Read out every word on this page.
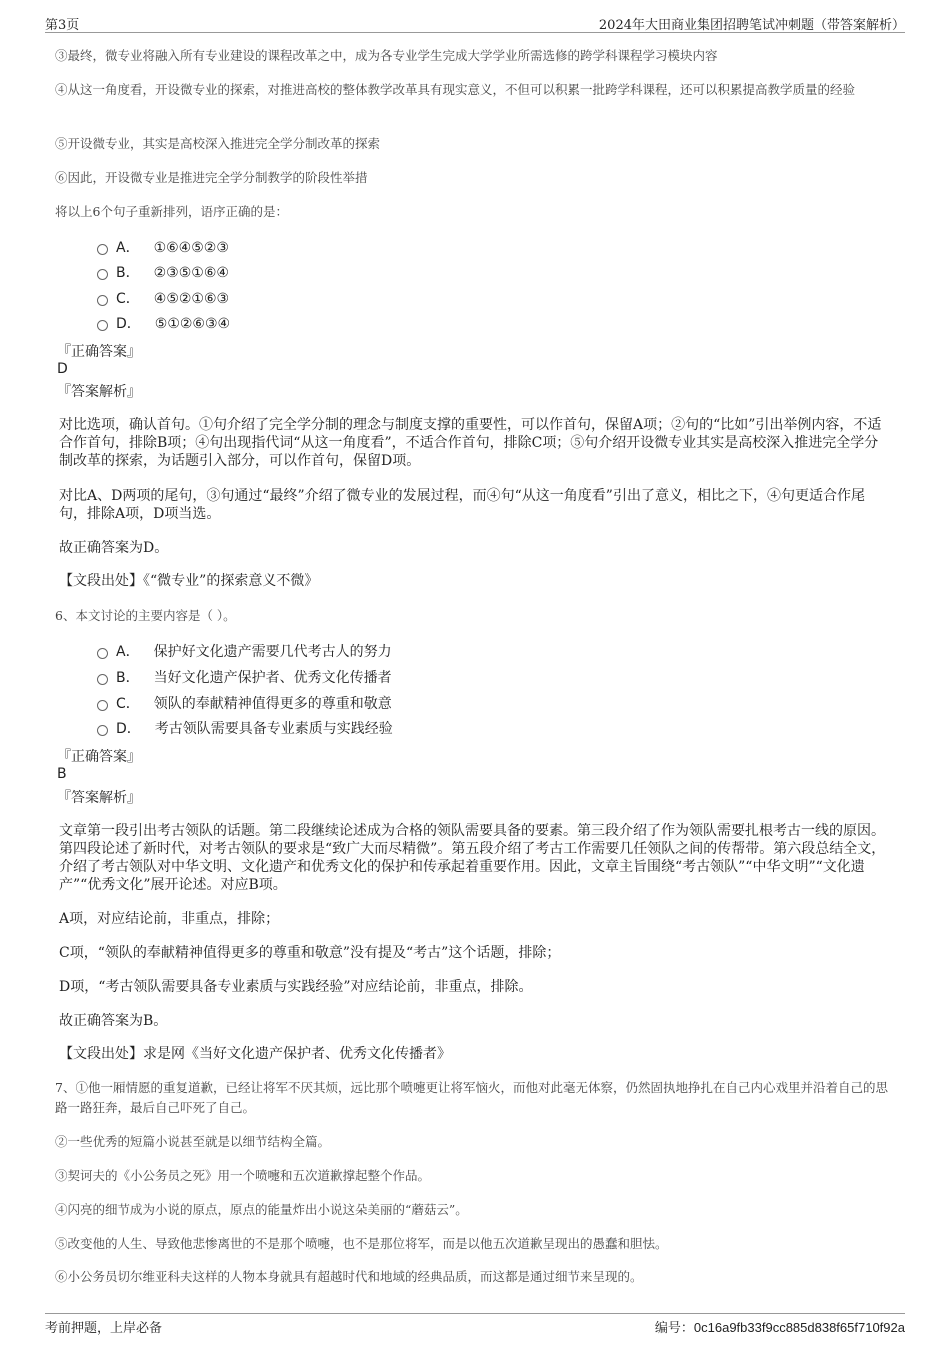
第3页	2024年大田商业集团招聘笔试冲刺题（带答案解析）
③最终，微专业将融入所有专业建设的课程改革之中，成为各专业学生完成大学学业所需选修的跨学科课程学习模块内容
④从这一角度看，开设微专业的探索，对推进高校的整体教学改革具有现实意义，不但可以积累一批跨学科课程，还可以积累提高教学质量的经验
⑤开设微专业，其实是高校深入推进完全学分制改革的探索
⑥因此，开设微专业是推进完全学分制教学的阶段性举措
将以上6个句子重新排列，语序正确的是：
A． ①⑥④⑤②③
B． ②③⑤①⑥④
C． ④⑤②①⑥③
D． ⑤①②⑥③④
『正确答案』
D
『答案解析』
对比选项，确认首句。①句介绍了完全学分制的理念与制度支撑的重要性，可以作首句，保留A项；②句的“比如”引出举例内容，不适合作首句，排除B项；④句出现指代词“从这一角度看”，不适合作首句，排除C项；⑤句介绍开设微专业其实是高校深入推进完全学分制改革的探索，为话题引入部分，可以作首句，保留D项。
对比A、D两项的尾句，③句通过“最终”介绍了微专业的发展过程，而④句“从这一角度看”引出了意义，相比之下，④句更适合作尾句，排除A项，D项当选。
故正确答案为D。
【文段出处】《“微专业”的探索意义不微》
6、本文讨论的主要内容是（ ）。
A． 保护好文化遗产需要几代考古人的努力
B． 当好文化遗产保护者、优秀文化传播者
C． 领队的奉献精神值得更多的尊重和敬意
D． 考古领队需要具备专业素质与实践经验
『正确答案』
B
『答案解析』
文章第一段引出考古领队的话题。第二段继续论述成为合格的领队需要具备的要素。第三段介绍了作为领队需要扎根考古一线的原因。第四段论述了新时代，对考古领队的要求是“致广大而尽精微”。第五段介绍了考古工作需要几任领队之间的传帮带。第六段总结全文，介绍了考古领队对中华文明、文化遗产和优秀文化的保护和传承起着重要作用。因此，文章主旨围绕“考古领队”“中华文明”“文化遗产”“优秀文化”展开论述。对应B项。
A项，对应结论前，非重点，排除；
C项，“领队的奉献精神值得更多的尊重和敬意”没有提及“考古”这个话题，排除；
D项，“考古领队需要具备专业素质与实践经验”对应结论前，非重点，排除。
故正确答案为B。
【文段出处】求是网《当好文化遗产保护者、优秀文化传播者》
7、①他一厢情愿的重复道歉，已经让将军不厌其烦，远比那个喷嚏更让将军恼火，而他对此毫无体察，仍然固执地挣扎在自己内心戏里并沿着自己的思路一路狂奔，最后自己吓死了自己。
②一些优秀的短篇小说甚至就是以细节结构全篇。
③契诃夫的《小公务员之死》用一个喷嚏和五次道歉撑起整个作品。
④闪亮的细节成为小说的原点，原点的能量炸出小说这朵美丽的“蘑菇云”。
⑤改变他的人生、导致他悲惨离世的不是那个喷嚏，也不是那位将军，而是以他五次道歉呈现出的愚蠢和胆怯。
⑥小公务员切尔维亚科夫这样的人物本身就具有超越时代和地域的经典品质，而这都是通过细节来呈现的。
考前押题，上岸必备	编号：0c16a9fb33f9cc885d838f65f710f92a
